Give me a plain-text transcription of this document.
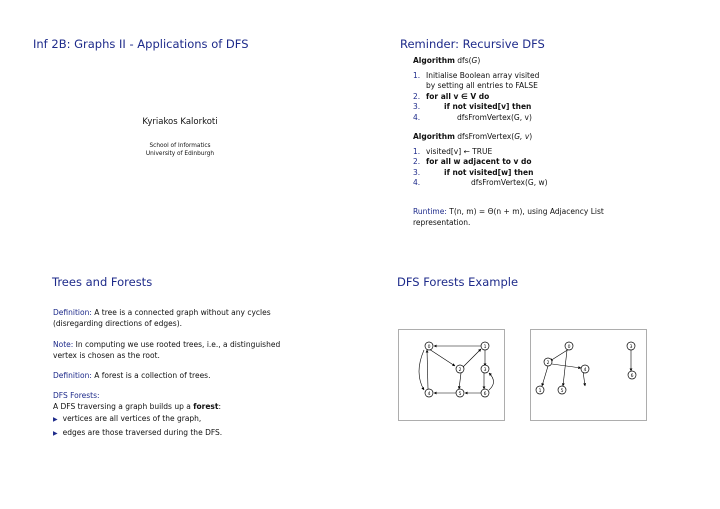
Inf 2B: Graphs II - Applications of DFS
Kyriakos Kalorkoti
School of Informatics
University of Edinburgh
Reminder: Recursive DFS
Algorithm dfs(G)
1. Initialise Boolean array visited
by setting all entries to FALSE
2. for all v ∈ V do
3.	if not visited[v] then
4.	dfsFromVertex(G, v)
Algorithm dfsFromVertex(G, v)
1. visited[v] ← TRUE
2. for all w adjacent to v do
3.	if not visited[w] then
4.	dfsFromVertex(G, w)
Runtime: T(n, m) = Θ(n + m), using Adjacency List
representation.
Trees and Forests
Definition: A tree is a connected graph without any cycles
(disregarding directions of edges).
Note: In computing we use rooted trees, i.e., a distinguished
vertex is chosen as the root.
Definition: A forest is a collection of trees.
DFS Forests:
A DFS traversing a graph builds up a forest:
▶ vertices are all vertices of the graph,
▶ edges are those traversed during the DFS.
DFS Forests Example
0	1
2	3
4	5	6
0
2
4
6
1	5
3
